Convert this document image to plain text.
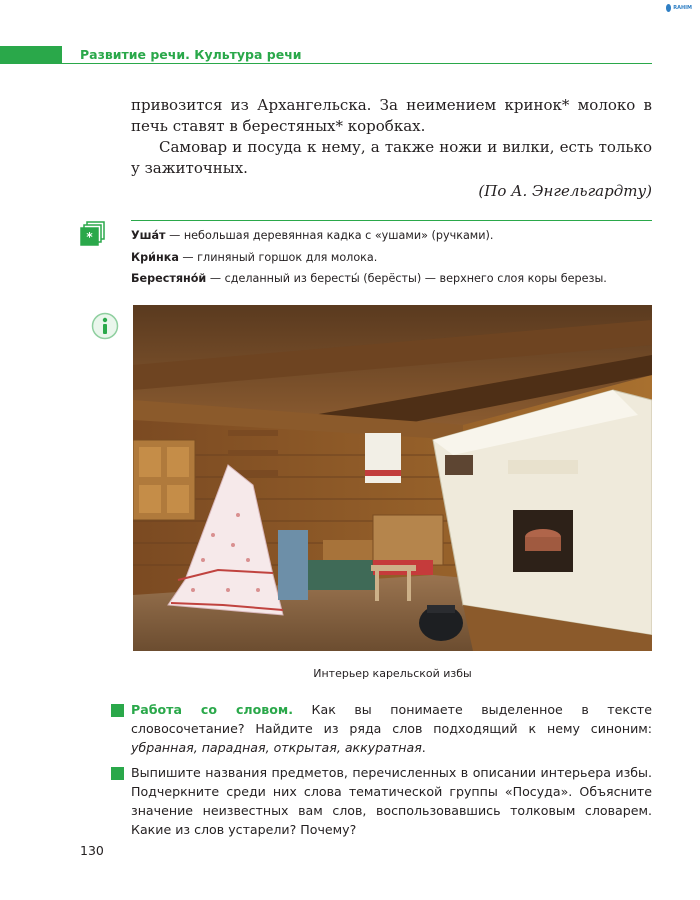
RAHIM
Развитие речи. Культура речи
привозится из Архангельска. За неимением кринок* молоко в печь ставят в берестяных* коробках.
Самовар и посуда к нему, а также ножи и вилки, есть только у зажиточных.
(По А. Энгельгардту)
*	Уша́т — небольшая деревянная кадка с «ушами» (ручками).
Кри́нка — глиняный горшок для молока.
Берестяно́й — сделанный из бересты́ (берёсты) — верхнего слоя коры березы.
Интерьер карельской избы
Работа со словом. Как вы понимаете выделенное в тексте словосочетание? Найдите из ряда слов подходящий к нему синоним: убранная, парадная, открытая, аккуратная.
Выпишите названия предметов, перечисленных в описании интерьера избы. Подчеркните среди них слова тематической группы «Посуда». Объясните значение неизвестных вам слов, воспользовавшись толковым словарем. Какие из слов устарели? Почему?
130
